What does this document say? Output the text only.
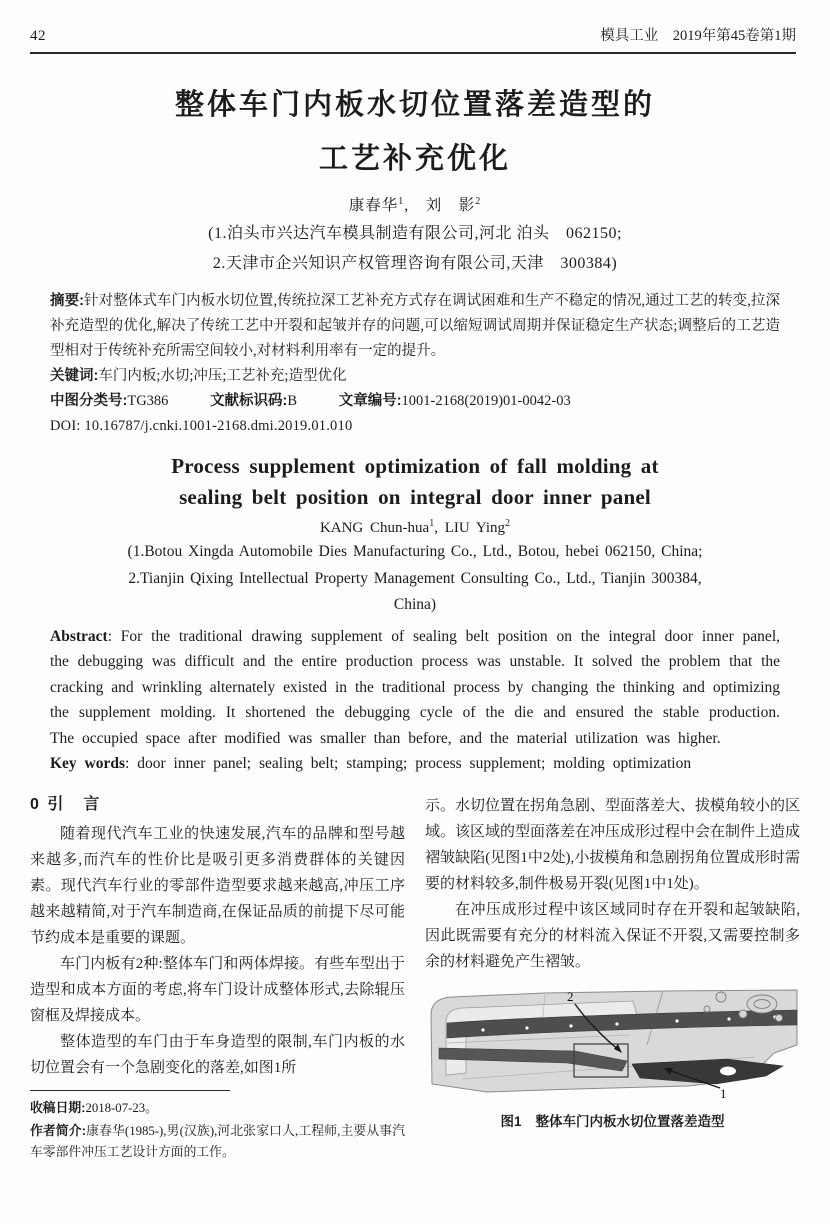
42	模具工业　2019年第45卷第1期
整体车门内板水切位置落差造型的
工艺补充优化
康春华$^1$,　刘　影$^2$
(1.泊头市兴达汽车模具制造有限公司,河北 泊头　062150;
2.天津市企兴知识产权管理咨询有限公司,天津　300384)
摘要:针对整体式车门内板水切位置,传统拉深工艺补充方式存在调试困难和生产不稳定的情况,通过工艺的转变,拉深补充造型的优化,解决了传统工艺中开裂和起皱并存的问题,可以缩短调试周期并保证稳定生产状态;调整后的工艺造型相对于传统补充所需空间较小,对材料利用率有一定的提升。
关键词:车门内板;水切;冲压;工艺补充;造型优化
中图分类号:TG386	文献标识码:B	文章编号:1001-2168(2019)01-0042-03
DOI: 10.16787/j.cnki.1001-2168.dmi.2019.01.010
Process supplement optimization of fall molding at
sealing belt position on integral door inner panel
KANG Chun-hua$^1$, LIU Ying$^2$
(1.Botou Xingda Automobile Dies Manufacturing Co., Ltd., Botou, hebei 062150, China;
2.Tianjin Qixing Intellectual Property Management Consulting Co., Ltd., Tianjin 300384,
China)
Abstract: For the traditional drawing supplement of sealing belt position on the integral door inner panel, the debugging was difficult and the entire production process was unstable. It solved the problem that the cracking and wrinkling alternately existed in the traditional process by changing the thinking and optimizing the supplement molding. It shortened the debugging cycle of the die and ensured the stable production. The occupied space after modified was smaller than before, and the material utilization was higher.
Key words: door inner panel; sealing belt; stamping; process supplement; molding optimization
0 引　言

随着现代汽车工业的快速发展,汽车的品牌和型号越来越多,而汽车的性价比是吸引更多消费群体的关键因素。现代汽车行业的零部件造型要求越来越高,冲压工序越来越精简,对于汽车制造商,在保证品质的前提下尽可能节约成本是重要的课题。

车门内板有2种:整体车门和两体焊接。有些车型出于造型和成本方面的考虑,将车门设计成整体形式,去除辊压窗框及焊接成本。

整体造型的车门由于车身造型的限制,车门内板的水切位置会有一个急剧变化的落差,如图1所

收稿日期:2018-07-23。
作者简介:康春华(1985-),男(汉族),河北张家口人,工程师,主要从事汽车零部件冲压工艺设计方面的工作。

示。水切位置在拐角急剧、型面落差大、拔模角较小的区域。该区域的型面落差在冲压成形过程中会在制件上造成褶皱缺陷(见图1中2处),小拔模角和急剧拐角位置成形时需要的材料较多,制件极易开裂(见图1中1处)。

在冲压成形过程中该区域同时存在开裂和起皱缺陷,因此既需要有充分的材料流入保证不开裂,又需要控制多余的材料避免产生褶皱。

2
1
图1 整体车门内板水切位置落差造型
